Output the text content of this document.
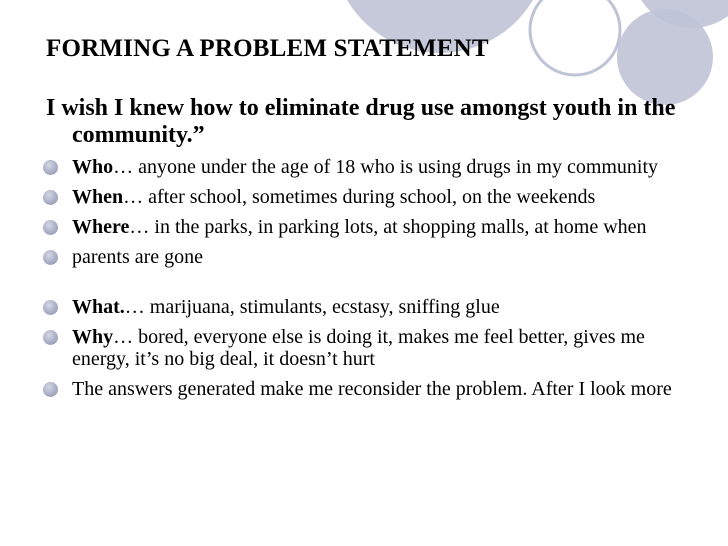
FORMING A PROBLEM STATEMENT

I wish I knew how to eliminate drug use amongst youth in the community.”

Who… anyone under the age of 18 who is using drugs in my community
When… after school, sometimes during school, on the weekends
Where… in the parks, in parking lots, at shopping malls, at home when
parents are gone
What.… marijuana, stimulants, ecstasy, sniffing glue
Why… bored, everyone else is doing it, makes me feel better, gives me energy, it’s no big deal, it doesn’t hurt
The answers generated make me reconsider the problem. After I look more
